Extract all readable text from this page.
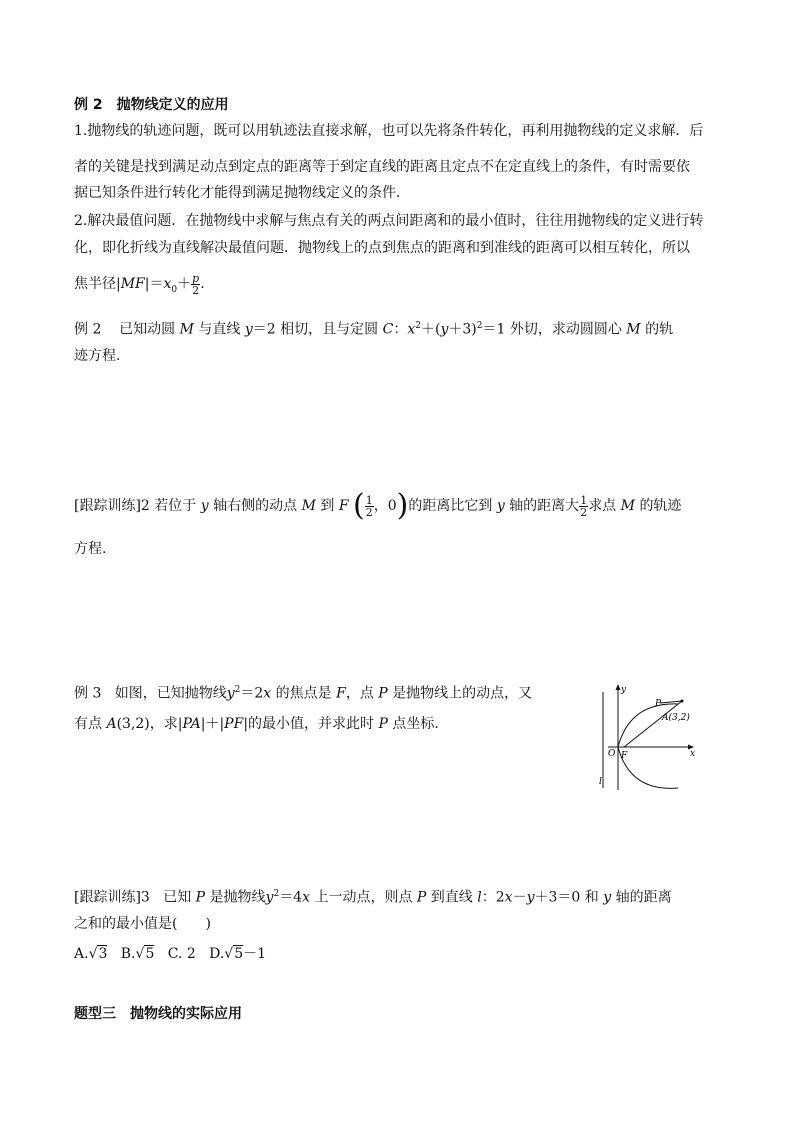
例 2　抛物线定义的应用
1.抛物线的轨迹问题，既可以用轨迹法直接求解，也可以先将条件转化，再利用抛物线的定义求解．后
者的关键是找到满足动点到定点的距离等于到定直线的距离且定点不在定直线上的条件，有时需要依
据已知条件进行转化才能得到满足抛物线定义的条件．
2.解决最值问题．在抛物线中求解与焦点有关的两点间距离和的最小值时，往往用抛物线的定义进行转
化，即化折线为直线解决最值问题．抛物线上的点到焦点的距离和到准线的距离可以相互转化，所以
焦半径$|MF|=x_0+ \frac{p}{2}$ .
例 2 已知动圆 M 与直线 y＝2 相切，且与定圆 C：$x^2+(y+3)^2=1$ 外切，求动圆圆心 M 的轨
迹方程.
[跟踪训练]2 若位于 y 轴右侧的动点 M 到 F ( $\frac{1}{2}$ ，0)的距离比它到 y 轴的距离大 $\frac{1}{2}$ 求点 M 的轨迹
方程.
例 3 如图，已知抛物线$y^2=2x$ 的焦点是 F，点 P 是抛物线上的动点，又
有点 A(3,2)，求|PA|＋|PF|的最小值，并求此时 P 点坐标.
y
x
O F
P
A(3,2)
l
[跟踪训练]3 已知 P 是抛物线$y^2=4x$ 上一动点，则点 P 到直线 l：2x－y＋3＝0 和 y 轴的距离
之和的最小值是(　　)
A.√3 B.√5 C. 2 D.√5－1
题型三　抛物线的实际应用
